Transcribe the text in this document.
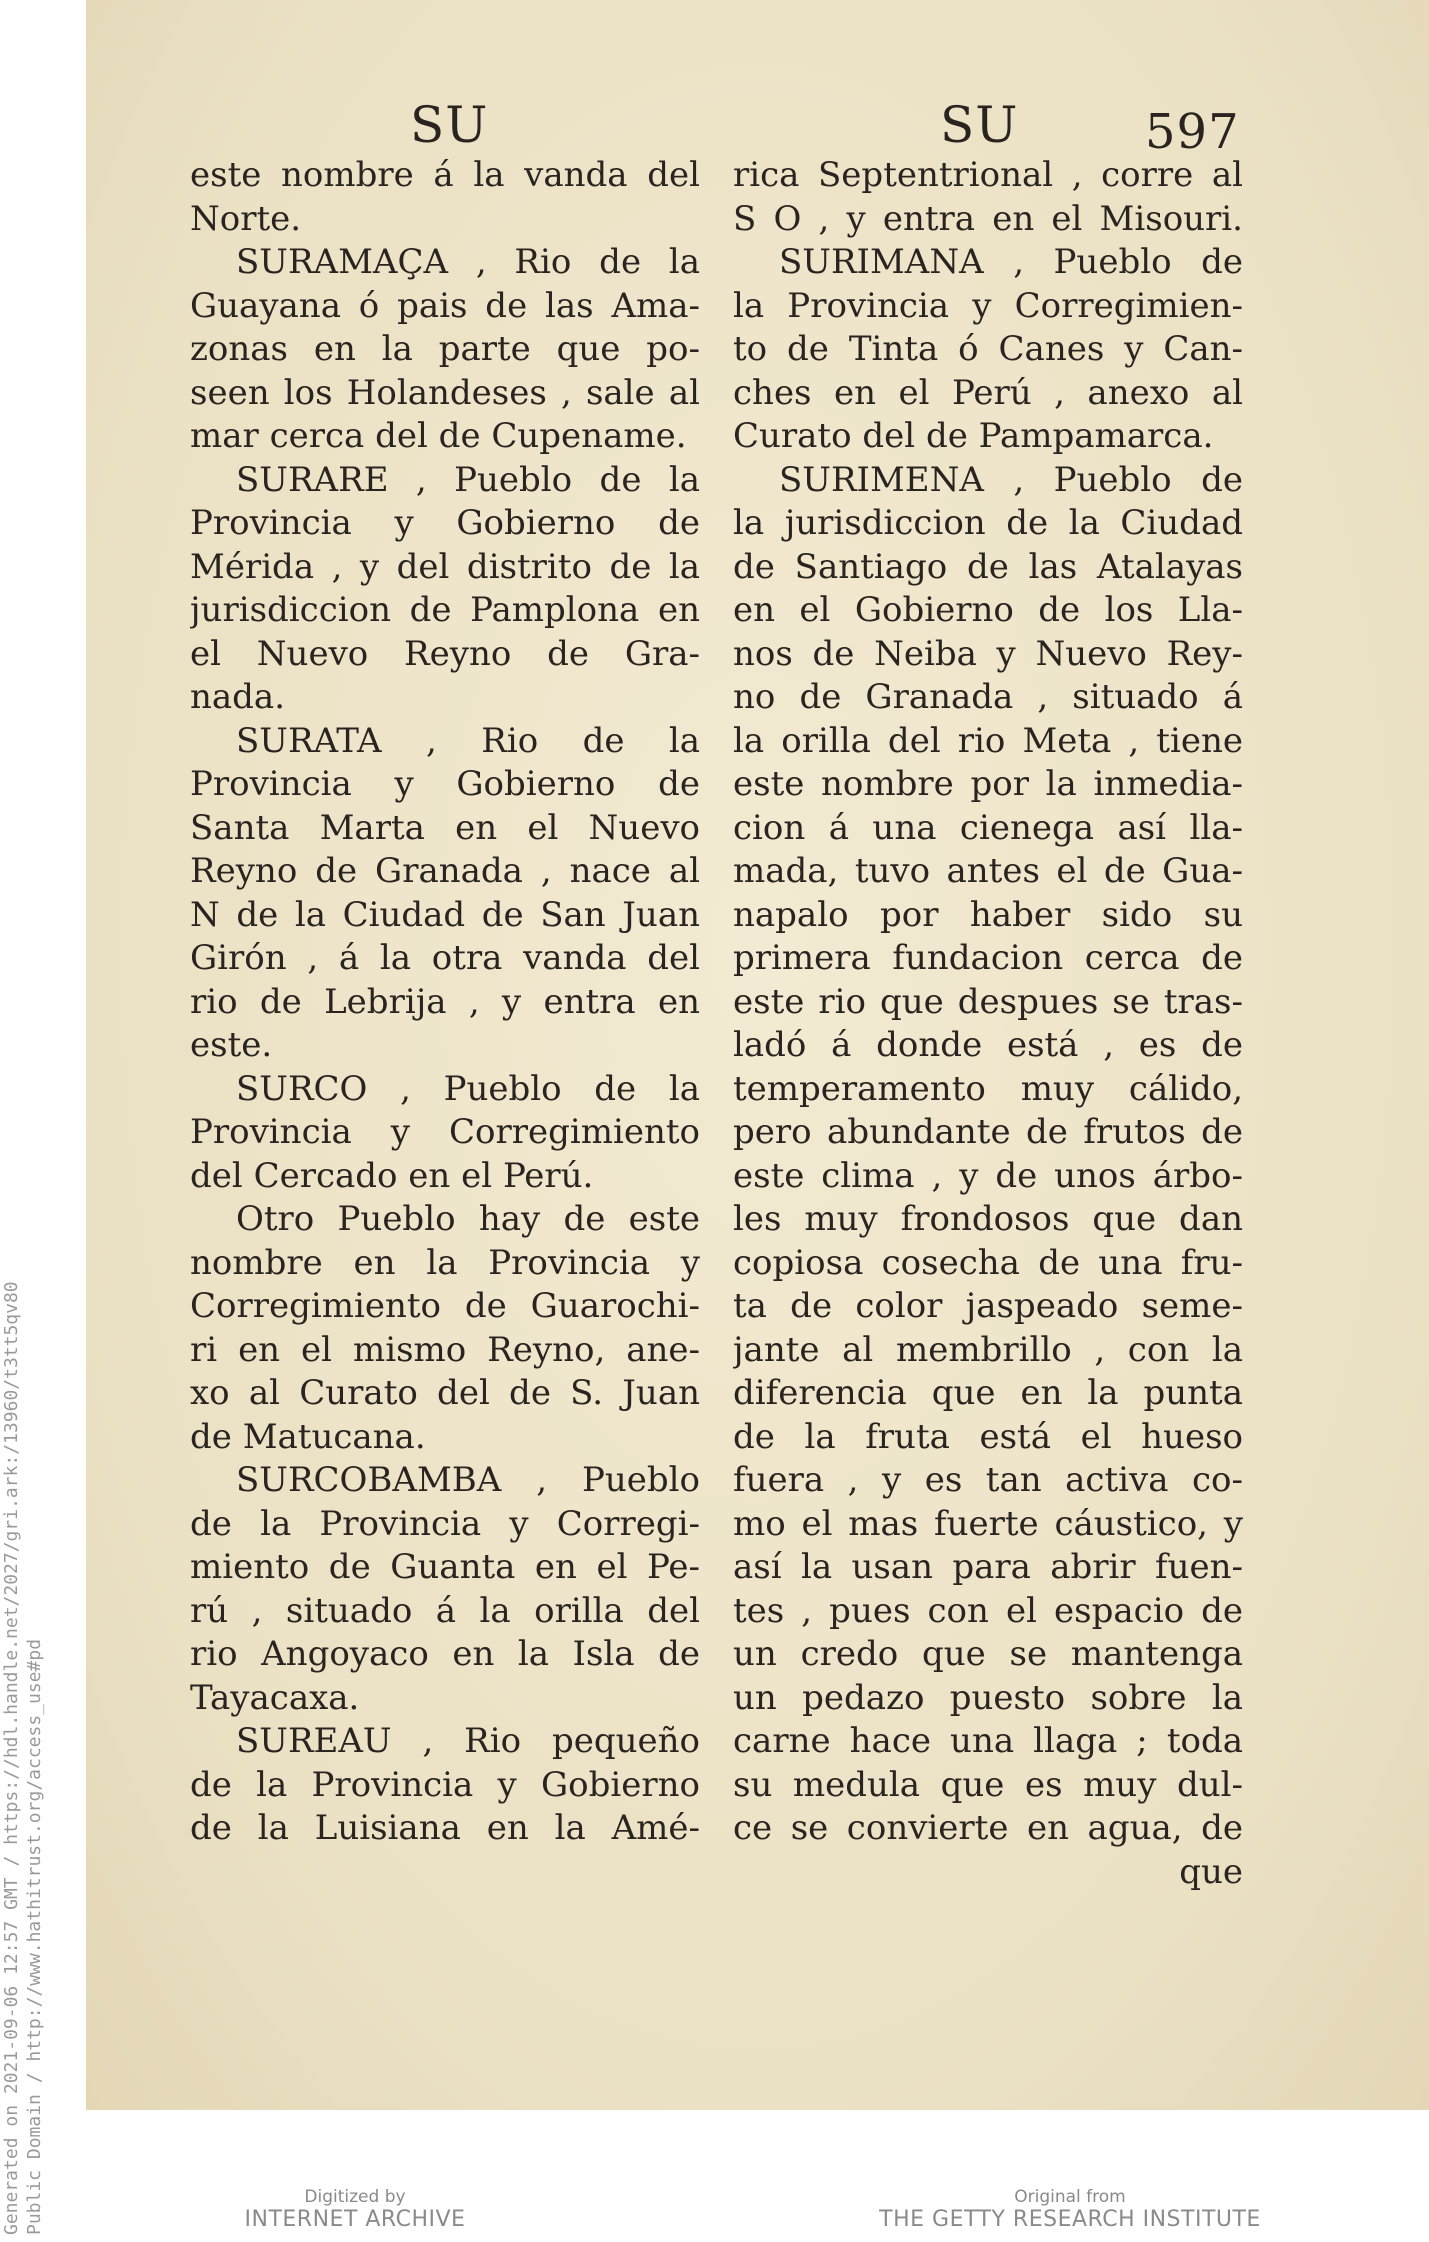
SU	SU	597
este nombre á la vanda del
Norte.
SURAMAÇA , Rio de la
Guayana ó pais de las Ama-
zonas en la parte que po-
seen los Holandeses , sale al
mar cerca del de Cupename.
SURARE , Pueblo de la
Provincia y Gobierno de
Mérida , y del distrito de la
jurisdiccion de Pamplona en
el Nuevo Reyno de Gra-
nada.
SURATA , Rio de la
Provincia y Gobierno de
Santa Marta en el Nuevo
Reyno de Granada , nace al
N de la Ciudad de San Juan
Girón , á la otra vanda del
rio de Lebrija , y entra en
este.
SURCO , Pueblo de la
Provincia y Corregimiento
del Cercado en el Perú.
Otro Pueblo hay de este
nombre en la Provincia y
Corregimiento de Guarochi-
ri en el mismo Reyno, ane-
xo al Curato del de S. Juan
de Matucana.
SURCOBAMBA , Pueblo
de la Provincia y Corregi-
miento de Guanta en el Pe-
rú , situado á la orilla del
rio Angoyaco en la Isla de
Tayacaxa.
SUREAU , Rio pequeño
de la Provincia y Gobierno
de la Luisiana en la Amé-
rica Septentrional , corre al
S O , y entra en el Misouri.
SURIMANA , Pueblo de
la Provincia y Corregimien-
to de Tinta ó Canes y Can-
ches en el Perú , anexo al
Curato del de Pampamarca.
SURIMENA , Pueblo de
la jurisdiccion de la Ciudad
de Santiago de las Atalayas
en el Gobierno de los Lla-
nos de Neiba y Nuevo Rey-
no de Granada , situado á
la orilla del rio Meta , tiene
este nombre por la inmedia-
cion á una cienega así lla-
mada, tuvo antes el de Gua-
napalo por haber sido su
primera fundacion cerca de
este rio que despues se tras-
ladó á donde está , es de
temperamento muy cálido,
pero abundante de frutos de
este clima , y de unos árbo-
les muy frondosos que dan
copiosa cosecha de una fru-
ta de color jaspeado seme-
jante al membrillo , con la
diferencia que en la punta
de la fruta está el hueso
fuera , y es tan activa co-
mo el mas fuerte cáustico, y
así la usan para abrir fuen-
tes , pues con el espacio de
un credo que se mantenga
un pedazo puesto sobre la
carne hace una llaga ; toda
su medula que es muy dul-
ce se convierte en agua, de
que
Generated on 2021-09-06 12:57 GMT / https://hdl.handle.net/2027/gri.ark:/13960/t3tt5qv80 Public Domain / http://www.hathitrust.org/access_use#pd	Digitized by
INTERNET ARCHIVE
Original from
THE GETTY RESEARCH INSTITUTE
